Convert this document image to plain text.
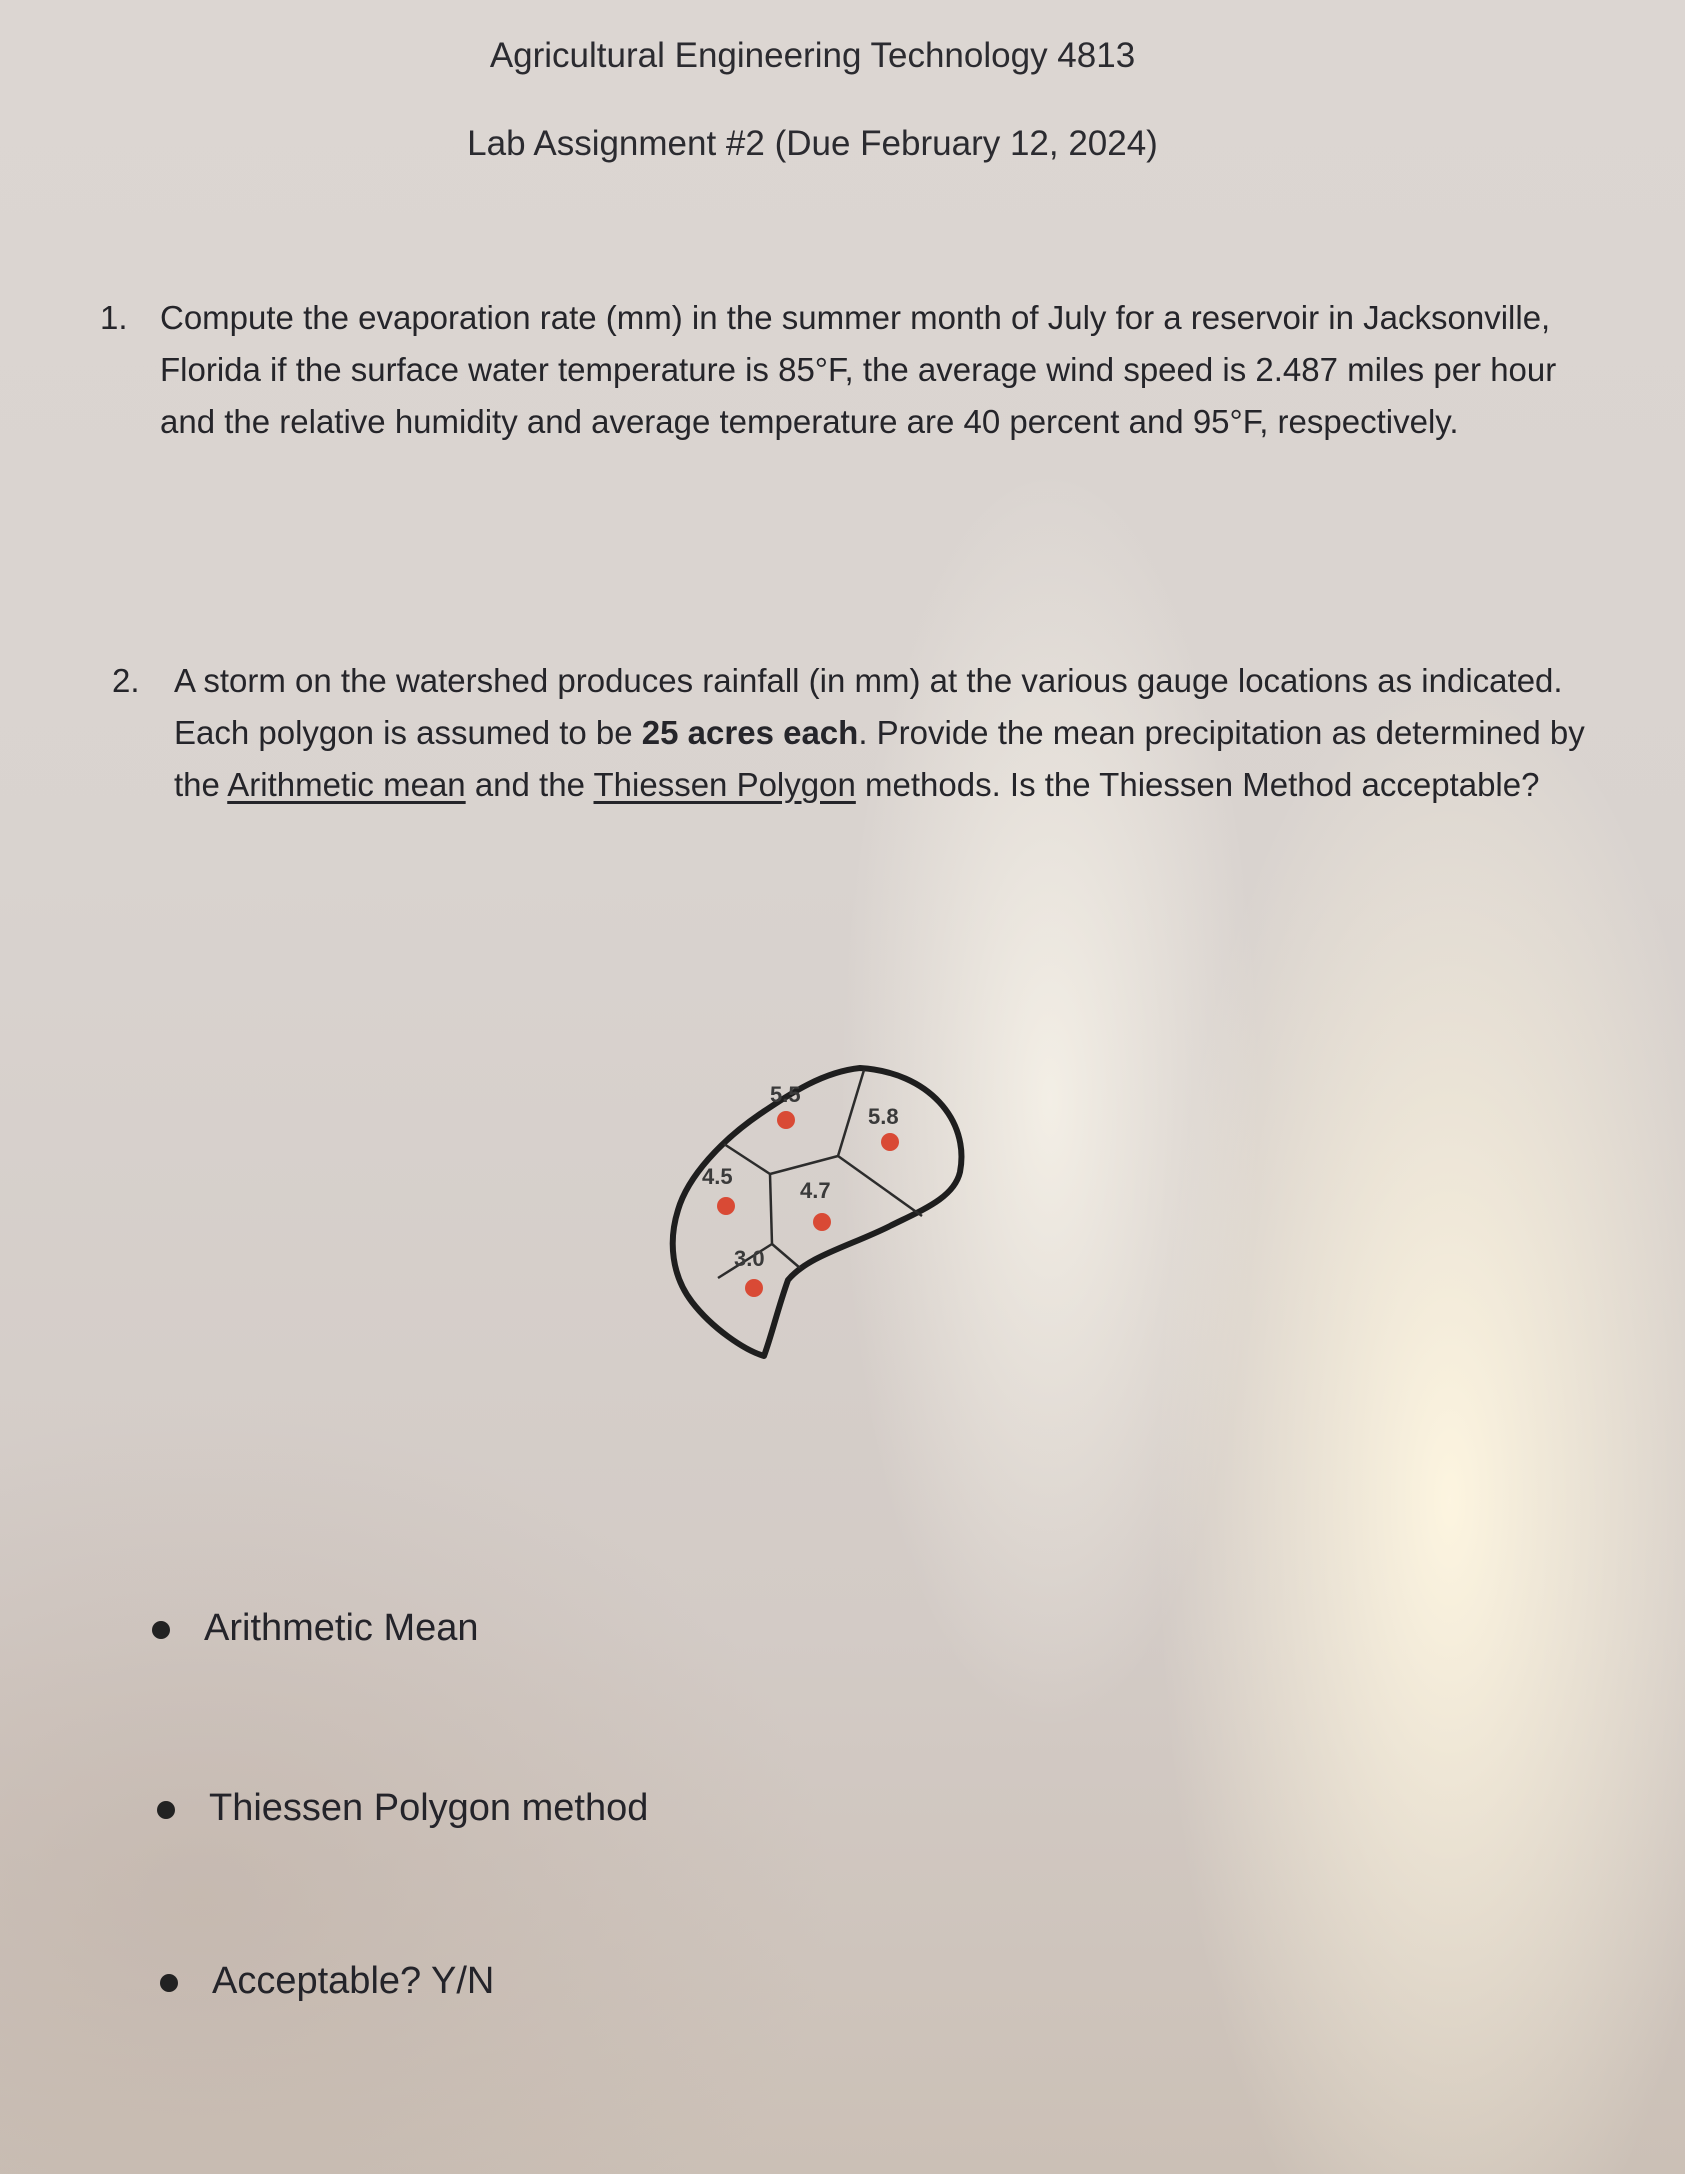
Agricultural Engineering Technology 4813
Lab Assignment #2 (Due February 12, 2024)
1. Compute the evaporation rate (mm) in the summer month of July for a reservoir in Jacksonville, Florida if the surface water temperature is 85°F, the average wind speed is 2.487 miles per hour and the relative humidity and average temperature are 40 percent and 95°F, respectively.
2. A storm on the watershed produces rainfall (in mm) at the various gauge locations as indicated. Each polygon is assumed to be 25 acres each. Provide the mean precipitation as determined by the Arithmetic mean and the Thiessen Polygon methods. Is the Thiessen Method acceptable?
5.5
5.8
4.5
4.7
3.0
Arithmetic Mean
Thiessen Polygon method
Acceptable? Y/N
